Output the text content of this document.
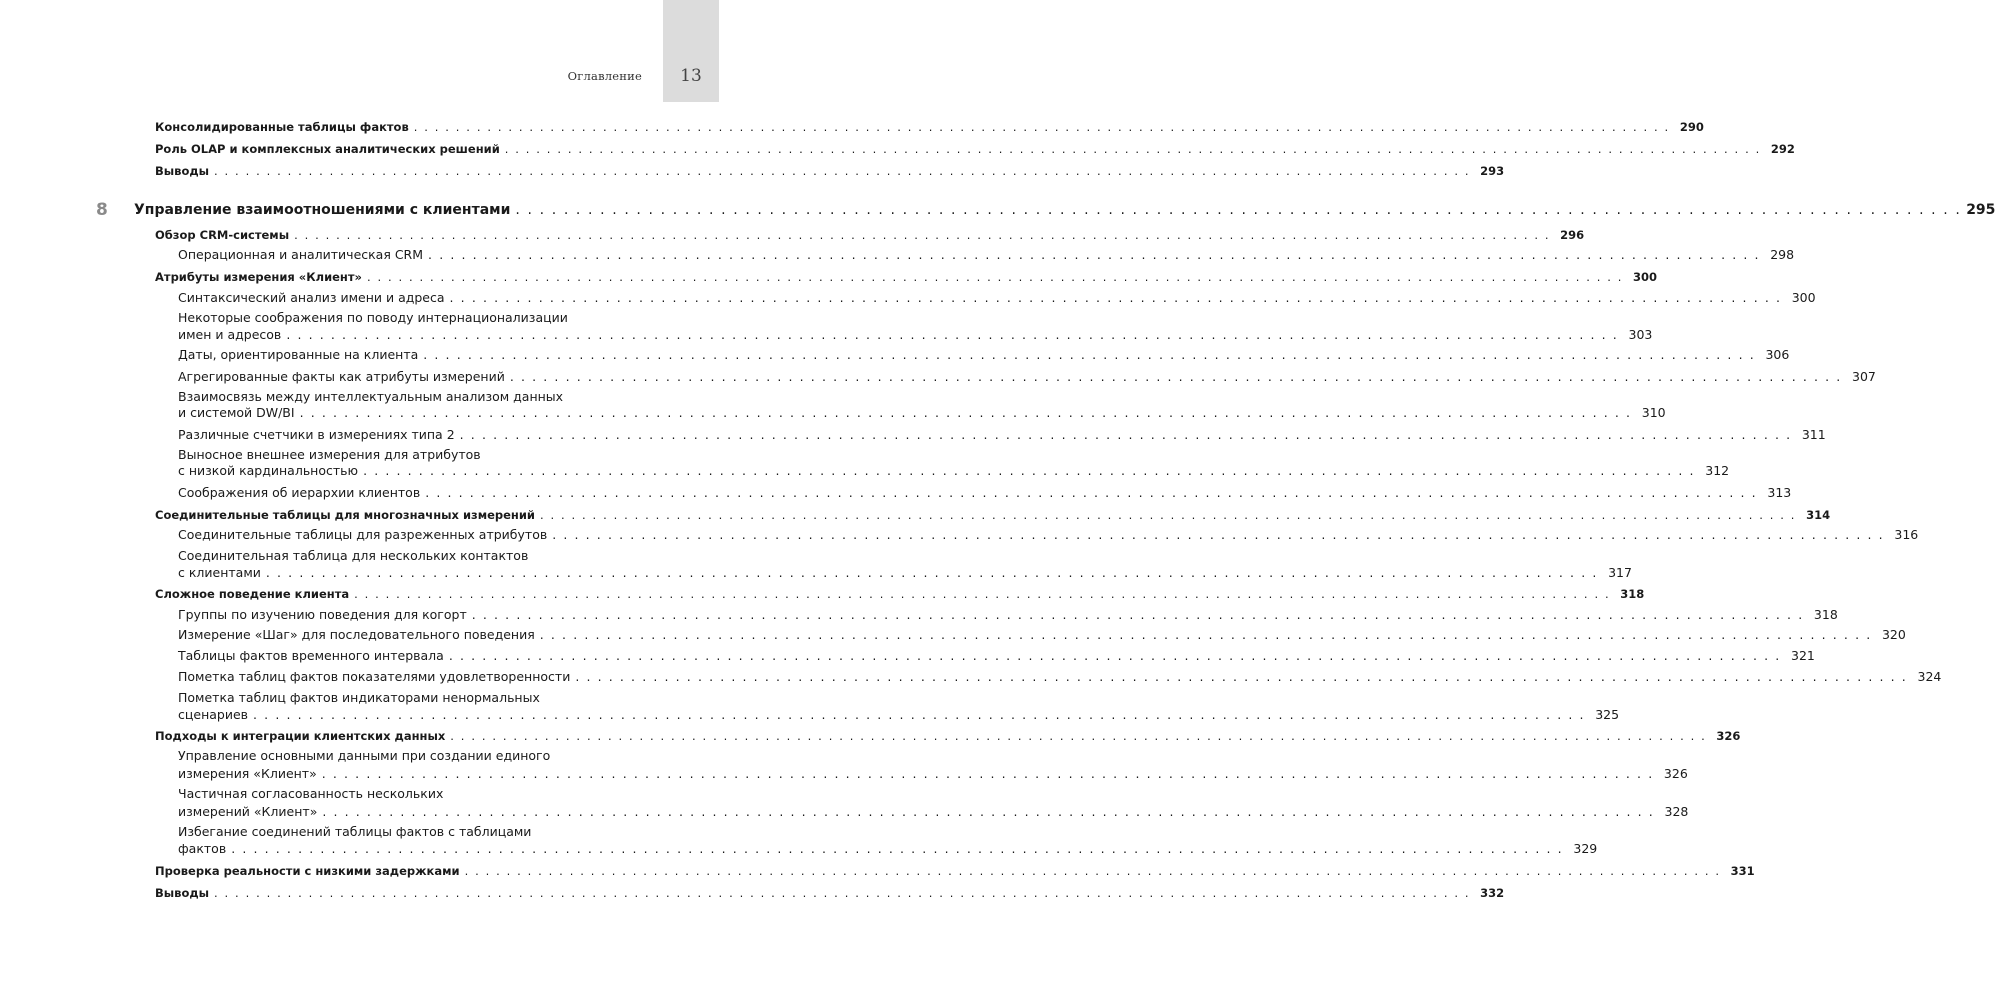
13
Оглавление
8
Консолидированные таблицы фактов . . . . . . . . . . . . . . . . . . . . . . . . . . . . . . . . . . . . . . . . . . . . . . . . . . . . . . . . . . . . . . . . . . . . . . . . . . . . . . . . . . . . . . . . . . . . . . . . . . . . . . . . . . . . . . . . . . . . . . . . 290
Роль OLAP и комплексных аналитических решений . . . . . . . . . . . . . . . . . . . . . . . . . . . . . . . . . . . . . . . . . . . . . . . . . . . . . . . . . . . . . . . . . . . . . . . . . . . . . . . . . . . . . . . . . . . . . . . . . . . . . . . . . . . . . . . . . . . . . . . . 292
Выводы . . . . . . . . . . . . . . . . . . . . . . . . . . . . . . . . . . . . . . . . . . . . . . . . . . . . . . . . . . . . . . . . . . . . . . . . . . . . . . . . . . . . . . . . . . . . . . . . . . . . . . . . . . . . . . . . . . . . . . . . 293
Управление взаимоотношениями с клиентами . . . . . . . . . . . . . . . . . . . . . . . . . . . . . . . . . . . . . . . . . . . . . . . . . . . . . . . . . . . . . . . . . . . . . . . . . . . . . . . . . . . . . . . . . . . . . . . . . . . . . . . . . . . . . . . . . . . . . . . . 295
Обзор CRM-системы . . . . . . . . . . . . . . . . . . . . . . . . . . . . . . . . . . . . . . . . . . . . . . . . . . . . . . . . . . . . . . . . . . . . . . . . . . . . . . . . . . . . . . . . . . . . . . . . . . . . . . . . . . . . . . . . . . . . . . . . 296
Операционная и аналитическая CRM . . . . . . . . . . . . . . . . . . . . . . . . . . . . . . . . . . . . . . . . . . . . . . . . . . . . . . . . . . . . . . . . . . . . . . . . . . . . . . . . . . . . . . . . . . . . . . . . . . . . . . . . . . . . . . . . . . . . . . . . 298
Атрибуты измерения «Клиент» . . . . . . . . . . . . . . . . . . . . . . . . . . . . . . . . . . . . . . . . . . . . . . . . . . . . . . . . . . . . . . . . . . . . . . . . . . . . . . . . . . . . . . . . . . . . . . . . . . . . . . . . . . . . . . . . . . . . . . . . 300
Синтаксический анализ имени и адреса . . . . . . . . . . . . . . . . . . . . . . . . . . . . . . . . . . . . . . . . . . . . . . . . . . . . . . . . . . . . . . . . . . . . . . . . . . . . . . . . . . . . . . . . . . . . . . . . . . . . . . . . . . . . . . . . . . . . . . . . 300
Некоторые соображения по поводу интернационализации
имен и адресов . . . . . . . . . . . . . . . . . . . . . . . . . . . . . . . . . . . . . . . . . . . . . . . . . . . . . . . . . . . . . . . . . . . . . . . . . . . . . . . . . . . . . . . . . . . . . . . . . . . . . . . . . . . . . . . . . . . . . . . . 303
Даты, ориентированные на клиента . . . . . . . . . . . . . . . . . . . . . . . . . . . . . . . . . . . . . . . . . . . . . . . . . . . . . . . . . . . . . . . . . . . . . . . . . . . . . . . . . . . . . . . . . . . . . . . . . . . . . . . . . . . . . . . . . . . . . . . . 306
Агрегированные факты как атрибуты измерений . . . . . . . . . . . . . . . . . . . . . . . . . . . . . . . . . . . . . . . . . . . . . . . . . . . . . . . . . . . . . . . . . . . . . . . . . . . . . . . . . . . . . . . . . . . . . . . . . . . . . . . . . . . . . . . . . . . . . . . . 307
Взаимосвязь между интеллектуальным анализом данных
и системой DW/BI . . . . . . . . . . . . . . . . . . . . . . . . . . . . . . . . . . . . . . . . . . . . . . . . . . . . . . . . . . . . . . . . . . . . . . . . . . . . . . . . . . . . . . . . . . . . . . . . . . . . . . . . . . . . . . . . . . . . . . . . 310
Различные счетчики в измерениях типа 2 . . . . . . . . . . . . . . . . . . . . . . . . . . . . . . . . . . . . . . . . . . . . . . . . . . . . . . . . . . . . . . . . . . . . . . . . . . . . . . . . . . . . . . . . . . . . . . . . . . . . . . . . . . . . . . . . . . . . . . . . 311
Выносное внешнее измерения для атрибутов
с низкой кардинальностью . . . . . . . . . . . . . . . . . . . . . . . . . . . . . . . . . . . . . . . . . . . . . . . . . . . . . . . . . . . . . . . . . . . . . . . . . . . . . . . . . . . . . . . . . . . . . . . . . . . . . . . . . . . . . . . . . . . . . . . . 312
Соображения об иерархии клиентов . . . . . . . . . . . . . . . . . . . . . . . . . . . . . . . . . . . . . . . . . . . . . . . . . . . . . . . . . . . . . . . . . . . . . . . . . . . . . . . . . . . . . . . . . . . . . . . . . . . . . . . . . . . . . . . . . . . . . . . . 313
Соединительные таблицы для многозначных измерений . . . . . . . . . . . . . . . . . . . . . . . . . . . . . . . . . . . . . . . . . . . . . . . . . . . . . . . . . . . . . . . . . . . . . . . . . . . . . . . . . . . . . . . . . . . . . . . . . . . . . . . . . . . . . . . . . . . . . . . . 314
Соединительные таблицы для разреженных атрибутов . . . . . . . . . . . . . . . . . . . . . . . . . . . . . . . . . . . . . . . . . . . . . . . . . . . . . . . . . . . . . . . . . . . . . . . . . . . . . . . . . . . . . . . . . . . . . . . . . . . . . . . . . . . . . . . . . . . . . . . . 316
Соединительная таблица для нескольких контактов
с клиентами . . . . . . . . . . . . . . . . . . . . . . . . . . . . . . . . . . . . . . . . . . . . . . . . . . . . . . . . . . . . . . . . . . . . . . . . . . . . . . . . . . . . . . . . . . . . . . . . . . . . . . . . . . . . . . . . . . . . . . . . 317
Сложное поведение клиента . . . . . . . . . . . . . . . . . . . . . . . . . . . . . . . . . . . . . . . . . . . . . . . . . . . . . . . . . . . . . . . . . . . . . . . . . . . . . . . . . . . . . . . . . . . . . . . . . . . . . . . . . . . . . . . . . . . . . . . . 318
Группы по изучению поведения для когорт . . . . . . . . . . . . . . . . . . . . . . . . . . . . . . . . . . . . . . . . . . . . . . . . . . . . . . . . . . . . . . . . . . . . . . . . . . . . . . . . . . . . . . . . . . . . . . . . . . . . . . . . . . . . . . . . . . . . . . . . 318
Измерение «Шаг» для последовательного поведения . . . . . . . . . . . . . . . . . . . . . . . . . . . . . . . . . . . . . . . . . . . . . . . . . . . . . . . . . . . . . . . . . . . . . . . . . . . . . . . . . . . . . . . . . . . . . . . . . . . . . . . . . . . . . . . . . . . . . . . . 320
Таблицы фактов временного интервала . . . . . . . . . . . . . . . . . . . . . . . . . . . . . . . . . . . . . . . . . . . . . . . . . . . . . . . . . . . . . . . . . . . . . . . . . . . . . . . . . . . . . . . . . . . . . . . . . . . . . . . . . . . . . . . . . . . . . . . . 321
Пометка таблиц фактов показателями удовлетворенности . . . . . . . . . . . . . . . . . . . . . . . . . . . . . . . . . . . . . . . . . . . . . . . . . . . . . . . . . . . . . . . . . . . . . . . . . . . . . . . . . . . . . . . . . . . . . . . . . . . . . . . . . . . . . . . . . . . . . . . . 324
Пометка таблиц фактов индикаторами ненормальных
сценариев . . . . . . . . . . . . . . . . . . . . . . . . . . . . . . . . . . . . . . . . . . . . . . . . . . . . . . . . . . . . . . . . . . . . . . . . . . . . . . . . . . . . . . . . . . . . . . . . . . . . . . . . . . . . . . . . . . . . . . . . 325
Подходы к интеграции клиентских данных . . . . . . . . . . . . . . . . . . . . . . . . . . . . . . . . . . . . . . . . . . . . . . . . . . . . . . . . . . . . . . . . . . . . . . . . . . . . . . . . . . . . . . . . . . . . . . . . . . . . . . . . . . . . . . . . . . . . . . . . 326
Управление основными данными при создании единого
измерения «Клиент» . . . . . . . . . . . . . . . . . . . . . . . . . . . . . . . . . . . . . . . . . . . . . . . . . . . . . . . . . . . . . . . . . . . . . . . . . . . . . . . . . . . . . . . . . . . . . . . . . . . . . . . . . . . . . . . . . . . . . . . . 326
Частичная согласованность нескольких
измерений «Клиент» . . . . . . . . . . . . . . . . . . . . . . . . . . . . . . . . . . . . . . . . . . . . . . . . . . . . . . . . . . . . . . . . . . . . . . . . . . . . . . . . . . . . . . . . . . . . . . . . . . . . . . . . . . . . . . . . . . . . . . . . 328
Избегание соединений таблицы фактов с таблицами
фактов . . . . . . . . . . . . . . . . . . . . . . . . . . . . . . . . . . . . . . . . . . . . . . . . . . . . . . . . . . . . . . . . . . . . . . . . . . . . . . . . . . . . . . . . . . . . . . . . . . . . . . . . . . . . . . . . . . . . . . . . 329
Проверка реальности с низкими задержками . . . . . . . . . . . . . . . . . . . . . . . . . . . . . . . . . . . . . . . . . . . . . . . . . . . . . . . . . . . . . . . . . . . . . . . . . . . . . . . . . . . . . . . . . . . . . . . . . . . . . . . . . . . . . . . . . . . . . . . . 331
Выводы . . . . . . . . . . . . . . . . . . . . . . . . . . . . . . . . . . . . . . . . . . . . . . . . . . . . . . . . . . . . . . . . . . . . . . . . . . . . . . . . . . . . . . . . . . . . . . . . . . . . . . . . . . . . . . . . . . . . . . . . 332
